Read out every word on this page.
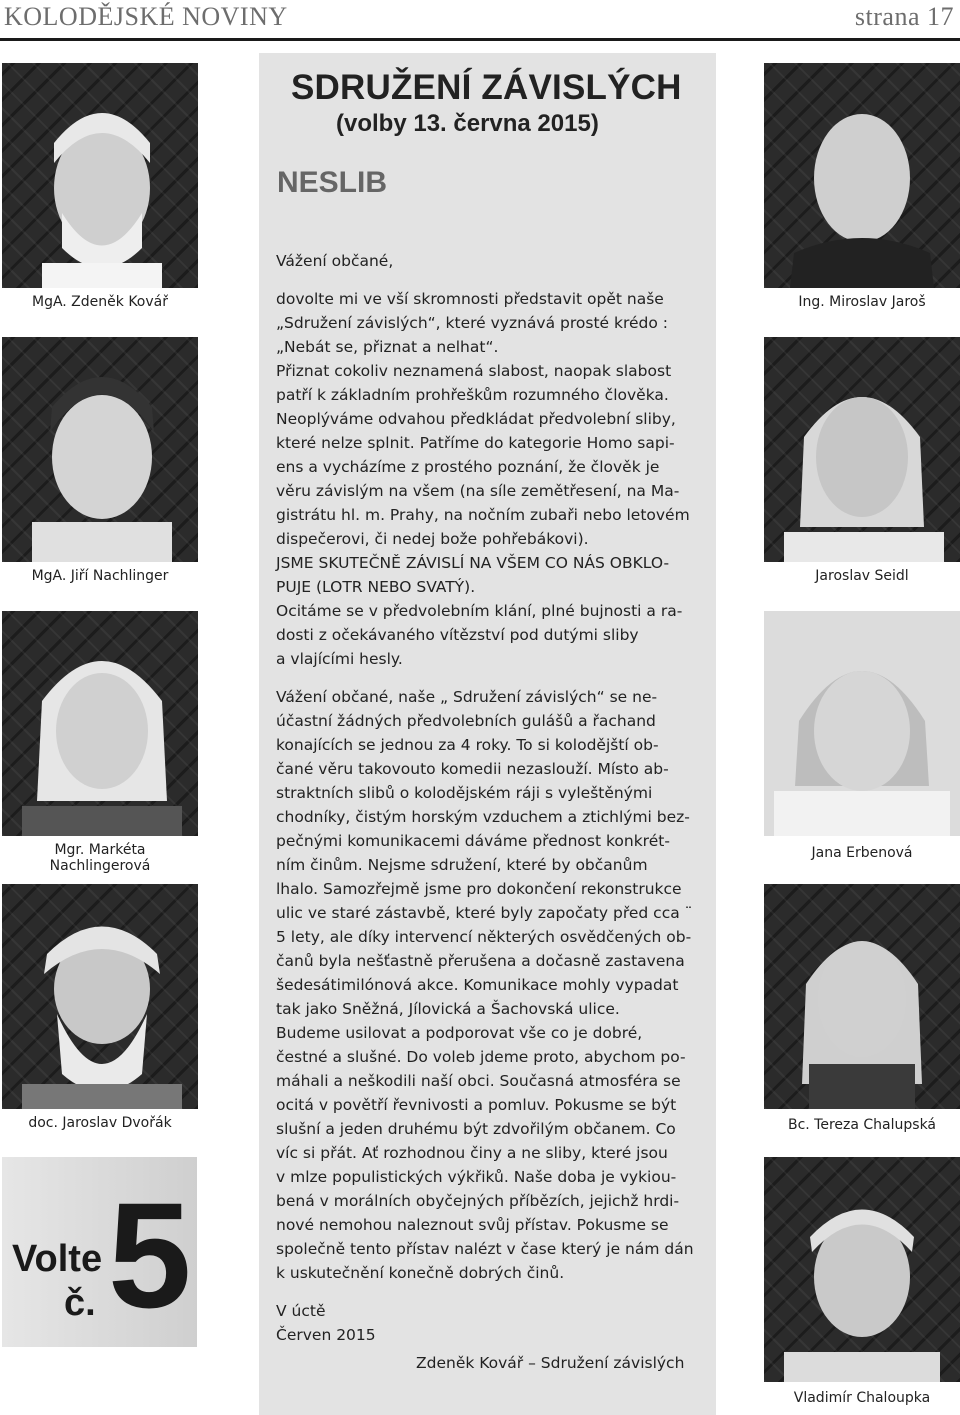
KOLODĚJSKÉ NOVINY	strana 17
MgA. Zdeněk Kovář
MgA. Jiří Nachlinger
Mgr. Markéta Nachlingerová
doc. Jaroslav Dvořák
Volte
č. 5
SDRUŽENÍ ZÁVISLÝCH
(volby 13. června 2015)
NESLIB

Vážení občané,

dovolte mi ve vší skromnosti představit opět naše
„Sdružení závislých“, které vyznává prosté krédo :
„Nebát se, přiznat a nelhat“.
Přiznat cokoliv neznamená slabost, naopak slabost
patří k základním prohřeškům rozumného člověka.
Neoplýváme odvahou předkládat předvolební sliby,
které nelze splnit. Patříme do kategorie Homo sapi-
ens a vycházíme z prostého poznání, že člověk je
věru závislým na všem (na síle zemětřesení, na Ma-
gistrátu hl. m. Prahy, na nočním zubaři nebo letovém
dispečerovi, či nedej bože pohřebákovi).
JSME SKUTEČNĚ ZÁVISLÍ NA VŠEM CO NÁS OBKLO-
PUJE (LOTR NEBO SVATÝ).
Ocitáme se v předvolebním klání, plné bujnosti a ra-
dosti z očekávaného vítězství pod dutými sliby
a vlajícími hesly.

Vážení občané, naše „ Sdružení závislých“ se ne-
účastní žádných předvolebních gulášů a řachand
konajících se jednou za 4 roky. To si kolodějští ob-
čané věru takovouto komedii nezaslouží. Místo ab-
straktních slibů o kolodějském ráji s vyleštěnými
chodníky, čistým horským vzduchem a ztichlými bez-
pečnými komunikacemi dáváme přednost konkrét-
ním činům. Nejsme sdružení, které by občanům
lhalo. Samozřejmě jsme pro dokončení rekonstrukce
ulic ve staré zástavbě, které byly započaty před cca ¨
5 lety, ale díky intervencí některých osvědčených ob-
čanů byla nešťastně přerušena a dočasně zastavena
šedesátimilónová akce. Komunikace mohly vypadat
tak jako Sněžná, Jílovická a Šachovská ulice.
Budeme usilovat a podporovat vše co je dobré,
čestné a slušné. Do voleb jdeme proto, abychom po-
máhali a neškodili naší obci. Současná atmosféra se
ocitá v povětří řevnivosti a pomluv. Pokusme se být
slušní a jeden druhému být zdvořilým občanem. Co
víc si přát. Ať rozhodnou činy a ne sliby, které jsou
v mlze populistických výkřiků. Naše doba je vykiou-
bená v morálních obyčejných příbězích, jejichž hrdi-
nové nemohou naleznout svůj přístav. Pokusme se
společně tento přístav nalézt v čase který je nám dán
k uskutečnění konečně dobrých činů.

V úctě
Červen 2015

Zdeněk Kovář – Sdružení závislých
Ing. Miroslav Jaroš
Jaroslav Seidl
Jana Erbenová
Bc. Tereza Chalupská
Vladimír Chaloupka
